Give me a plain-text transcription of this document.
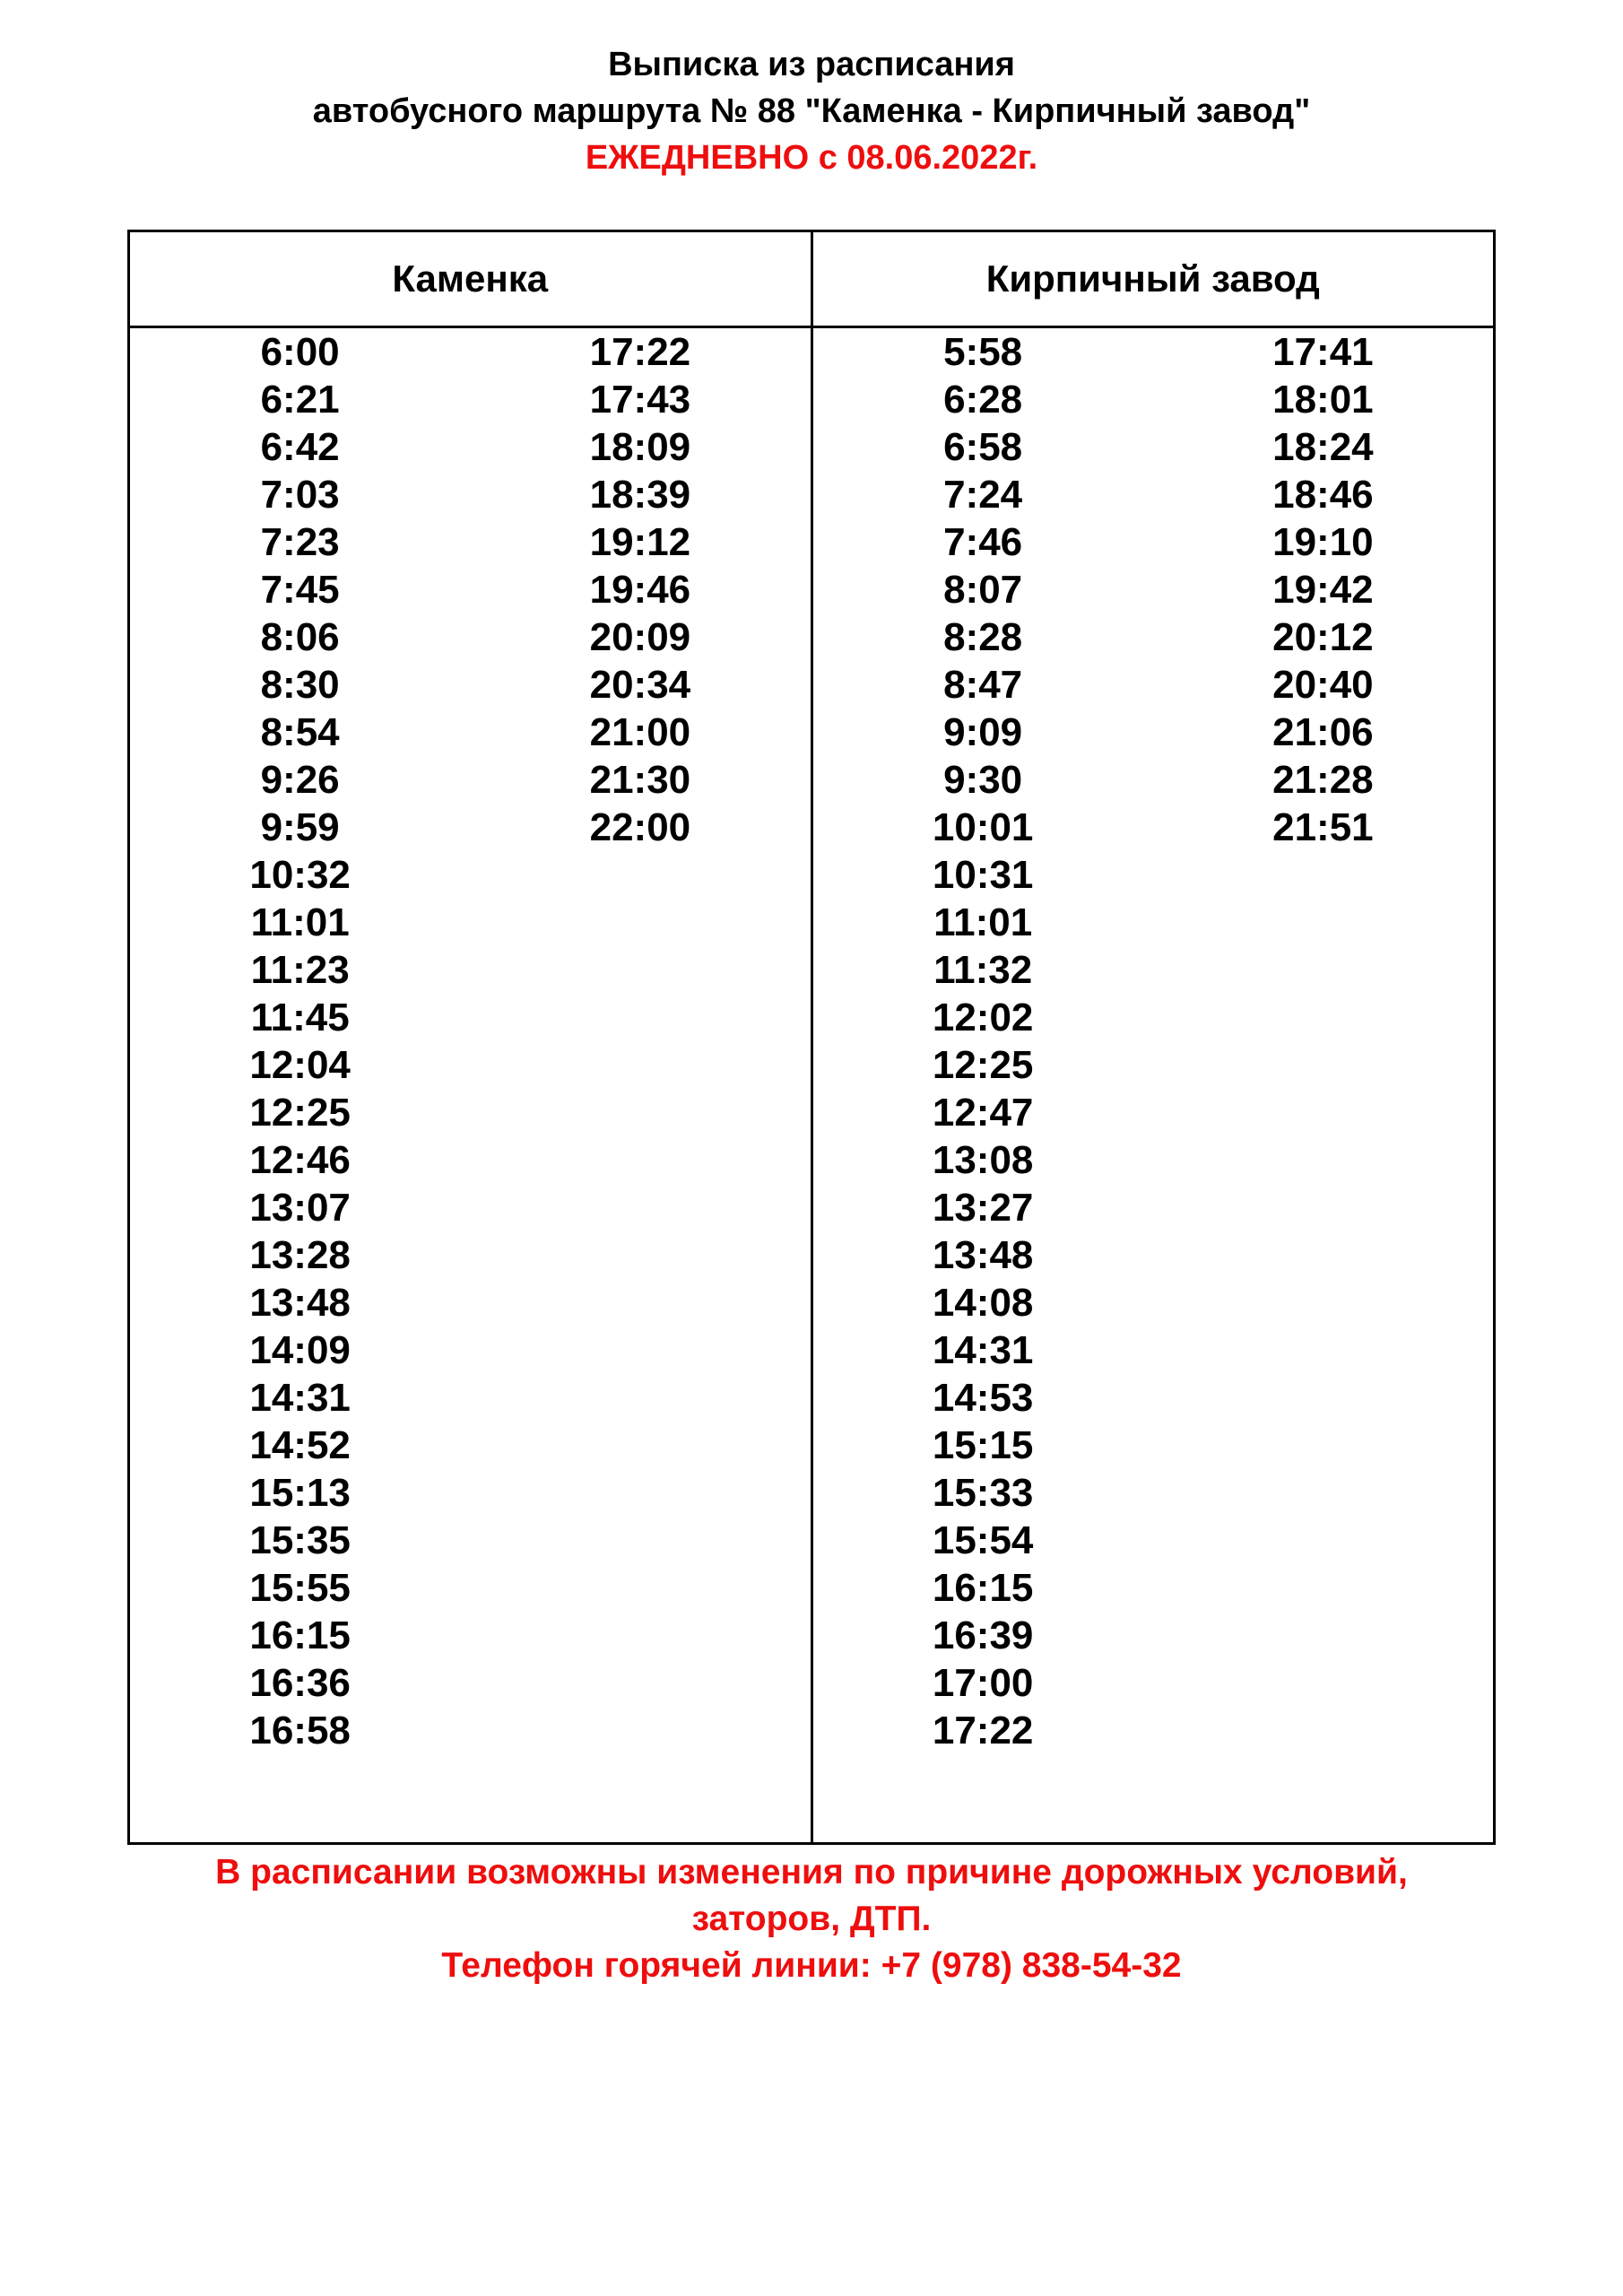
Выписка из расписания
автобусного маршрута № 88 "Каменка - Кирпичный завод"
ЕЖЕДНЕВНО с 08.06.2022г.
Каменка		Кирпичный завод	
6:00	17:22	5:58	17:41
6:21	17:43	6:28	18:01
6:42	18:09	6:58	18:24
7:03	18:39	7:24	18:46
7:23	19:12	7:46	19:10
7:45	19:46	8:07	19:42
8:06	20:09	8:28	20:12
8:30	20:34	8:47	20:40
8:54	21:00	9:09	21:06
9:26	21:30	9:30	21:28
9:59	22:00	10:01	21:51
10:32		10:31	
11:01		11:01	
11:23		11:32	
11:45		12:02	
12:04		12:25	
12:25		12:47	
12:46		13:08	
13:07		13:27	
13:28		13:48	
13:48		14:08	
14:09		14:31	
14:31		14:53	
14:52		15:15	
15:13		15:33	
15:35		15:54	
15:55		16:15	
16:15		16:39	
16:36		17:00	
16:58		17:22	

В расписании возможны изменения по причине дорожных условий,
заторов, ДТП.
Телефон горячей линии: +7 (978) 838-54-32
